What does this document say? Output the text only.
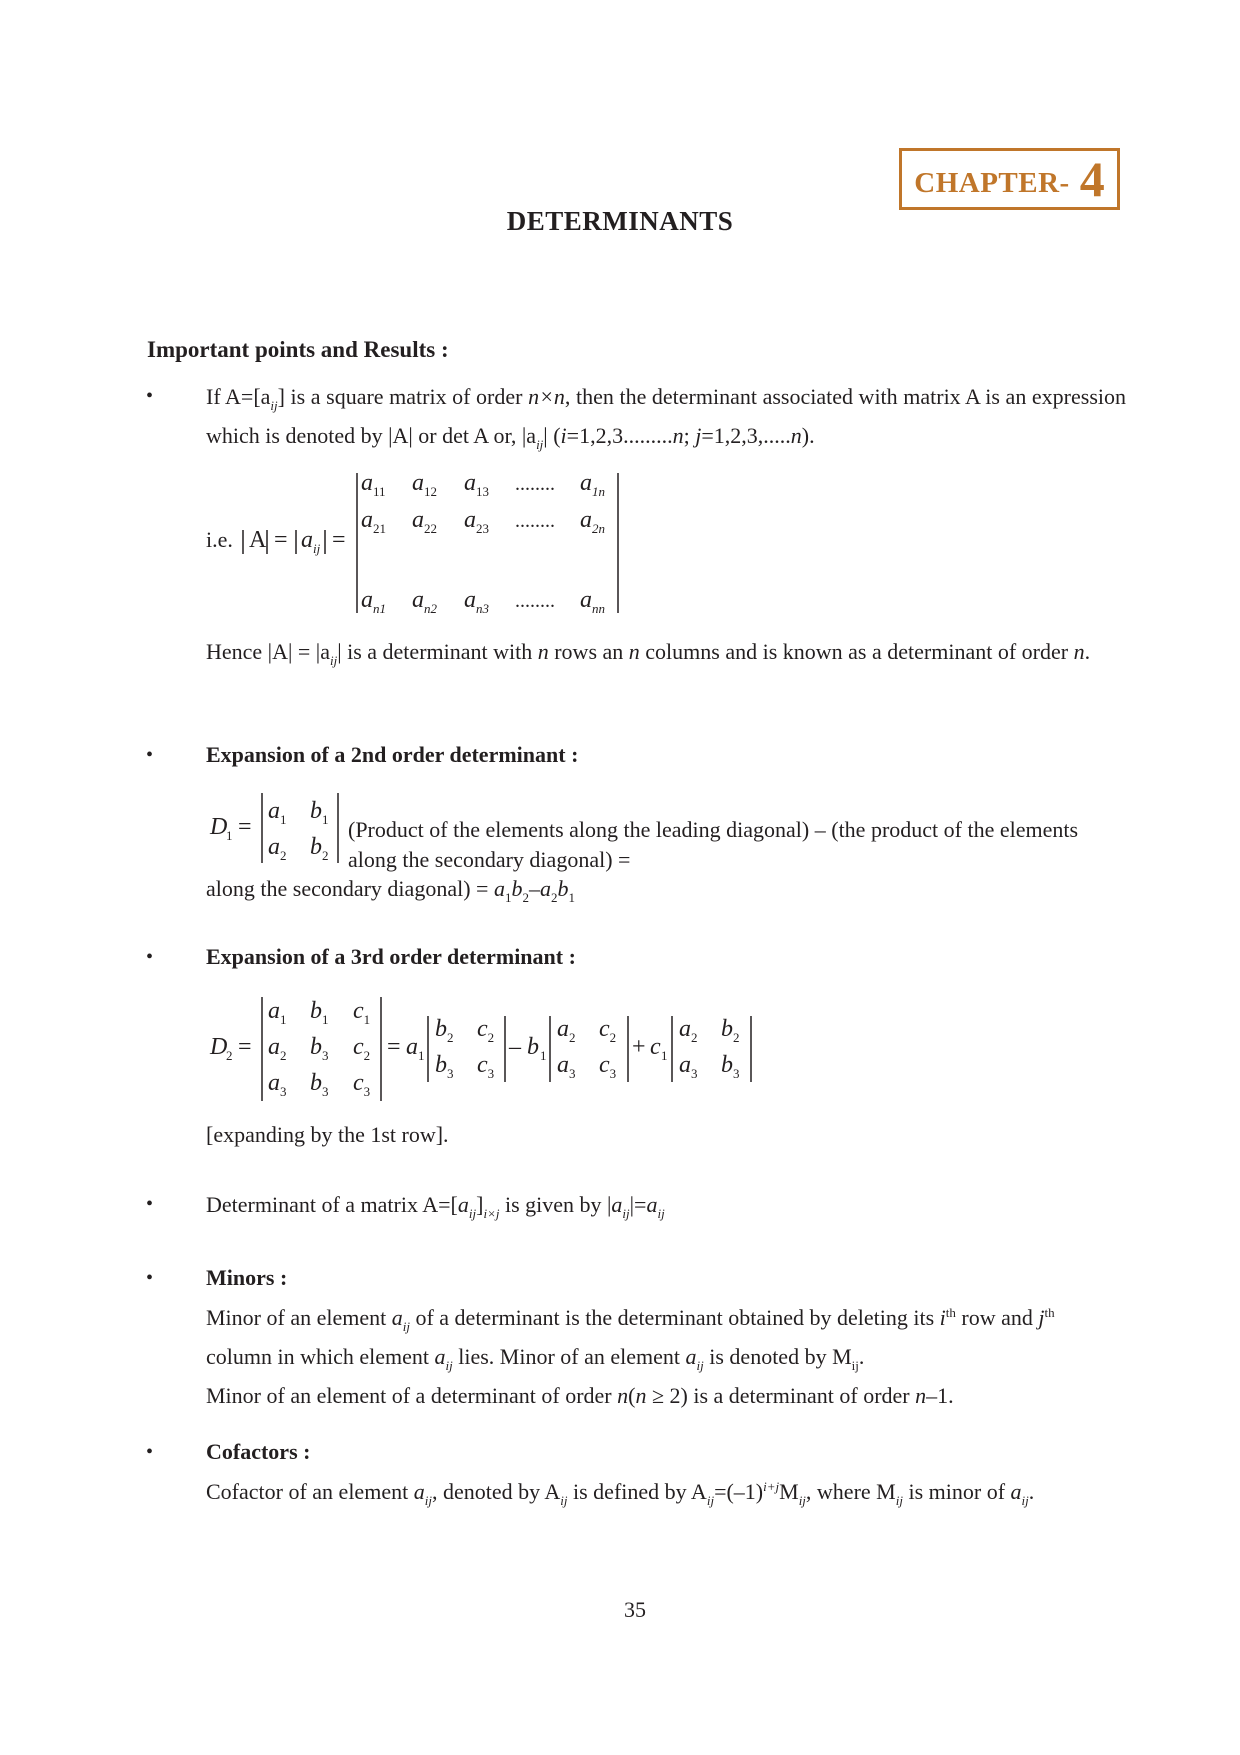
CHAPTER- 4
DETERMINANTS
Important points and Results :
• If $A=[a_{ij}]$ is a square matrix of order n×n, then the determinant associated with matrix A is an expression which is denoted by |A| or det A or, $|a_{ij}|$ (i=1,2,3.........n; j=1,2,3,.....n).
i.e. A = a ij =
$a_{11}$ $a_{12}$ $a_{13}$ ........ $a_{1n}$
$a_{21}$ $a_{22}$ $a_{23}$ ........ $a_{2n}$
$a_{n1}$ $a_{n2}$ $a_{n3}$ ........ $a_{nn}$
Hence $|A| = |a_{ij}|$ is a determinant with n rows an n columns and is known as a determinant of order n.
• Expansion of a 2nd order determinant :
D
1 =
$a_1$ $b_1$
$a_2$ $b_2$
(Product of the elements along the leading diagonal) – (the product of the elements along the secondary diagonal) =
along the secondary diagonal) = $a_1b_2-a_2b_1$
• Expansion of a 3rd order determinant :
D
2 =
$a_1$ $b_1$ $c_1$
$a_2$ $b_3$ $c_2$
$a_3$ $b_3$ $c_3$
= a 1
$b_2$ $c_2$
$b_3$ $c_3$
– b 1
$a_2$ $c_2$
$a_3$ $c_3$
+ c 1
$a_2$ $b_2$
$a_3$ $b_3$
[expanding by the 1st row].
• Determinant of a matrix $A=[a_{ij}]_{i\times j}$ is given by $|a_{ij}|=a_{ij}$
• Minors :
Minor of an element $a_{ij}$ of a determinant is the determinant obtained by deleting its $i^{th}$ row and $j^{th}$
column in which element $a_{ij}$ lies. Minor of an element $a_{ij}$ is denoted by $M_{ij}$.
Minor of an element of a determinant of order n(n ≥ 2) is a determinant of order n–1.
• Cofactors :
Cofactor of an element $a_{ij}$, denoted by $A_{ij}$ is defined by $A_{ij}=(-1)^{i+j}M_{ij}$, where $M_{ij}$ is minor of $a_{ij}$.
35
